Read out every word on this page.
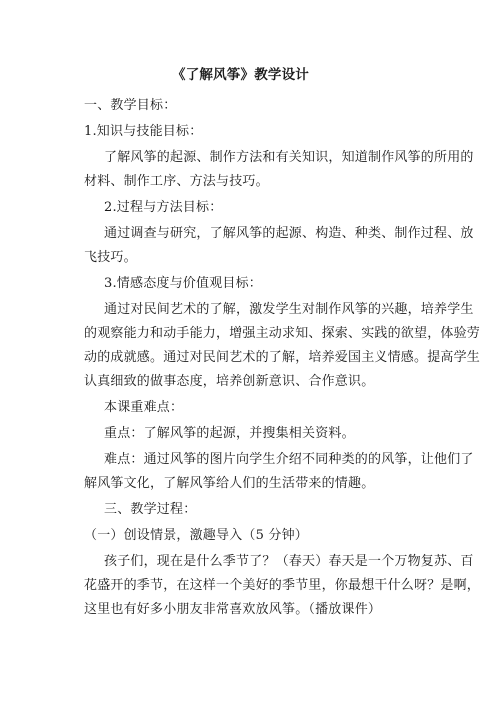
《了解风筝》教学设计
一、教学目标：
1.知识与技能目标：
了解风筝的起源、制作方法和有关知识，知道制作风筝的所用的
材料、制作工序、方法与技巧。
2.过程与方法目标：
通过调查与研究，了解风筝的起源、构造、种类、制作过程、放
飞技巧。
3.情感态度与价值观目标：
通过对民间艺术的了解，激发学生对制作风筝的兴趣，培养学生
的观察能力和动手能力，增强主动求知、探索、实践的欲望，体验劳
动的成就感。通过对民间艺术的了解，培养爱国主义情感。提高学生
认真细致的做事态度，培养创新意识、合作意识。
本课重难点：
重点：了解风筝的起源，并搜集相关资料。
难点：通过风筝的图片向学生介绍不同种类的的风筝，让他们了
解风筝文化，了解风筝给人们的生活带来的情趣。
三、教学过程：
（一）创设情景，激趣导入（5 分钟）
孩子们，现在是什么季节了？（春天）春天是一个万物复苏、百
花盛开的季节，在这样一个美好的季节里，你最想干什么呀？是啊，
这里也有好多小朋友非常喜欢放风筝。（播放课件）
